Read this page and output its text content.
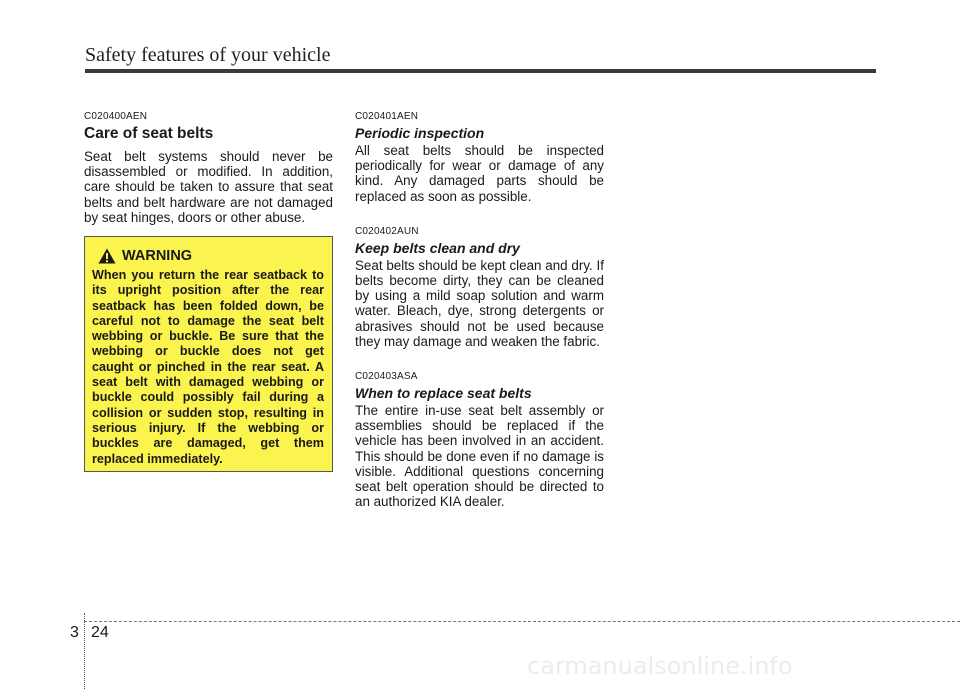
Safety features of your vehicle

C020400AEN

Care of seat belts

Seat belt systems should never be disassembled or modified. In addition, care should be taken to assure that seat belts and belt hardware are not damaged by seat hinges, doors or other abuse.

WARNING

When you return the rear seatback to its upright position after the rear seatback has been folded down, be careful not to damage the seat belt webbing or buckle. Be sure that the webbing or buckle does not get caught or pinched in the rear seat. A seat belt with damaged webbing or buckle could possibly fail during a collision or sudden stop, resulting in serious injury. If the webbing or buckles are damaged, get them replaced immediately.

C020401AEN

Periodic inspection

All seat belts should be inspected periodically for wear or damage of any kind. Any damaged parts should be replaced as soon as possible.

C020402AUN

Keep belts clean and dry

Seat belts should be kept clean and dry. If belts become dirty, they can be cleaned by using a mild soap solution and warm water. Bleach, dye, strong detergents or abrasives should not be used because they may damage and weaken the fabric.

C020403ASA

When to replace seat belts

The entire in-use seat belt assembly or assemblies should be replaced if the vehicle has been involved in an accident. This should be done even if no damage is visible. Additional questions concerning seat belt operation should be directed to an authorized KIA dealer.

3 24
carmanualsonline.info
